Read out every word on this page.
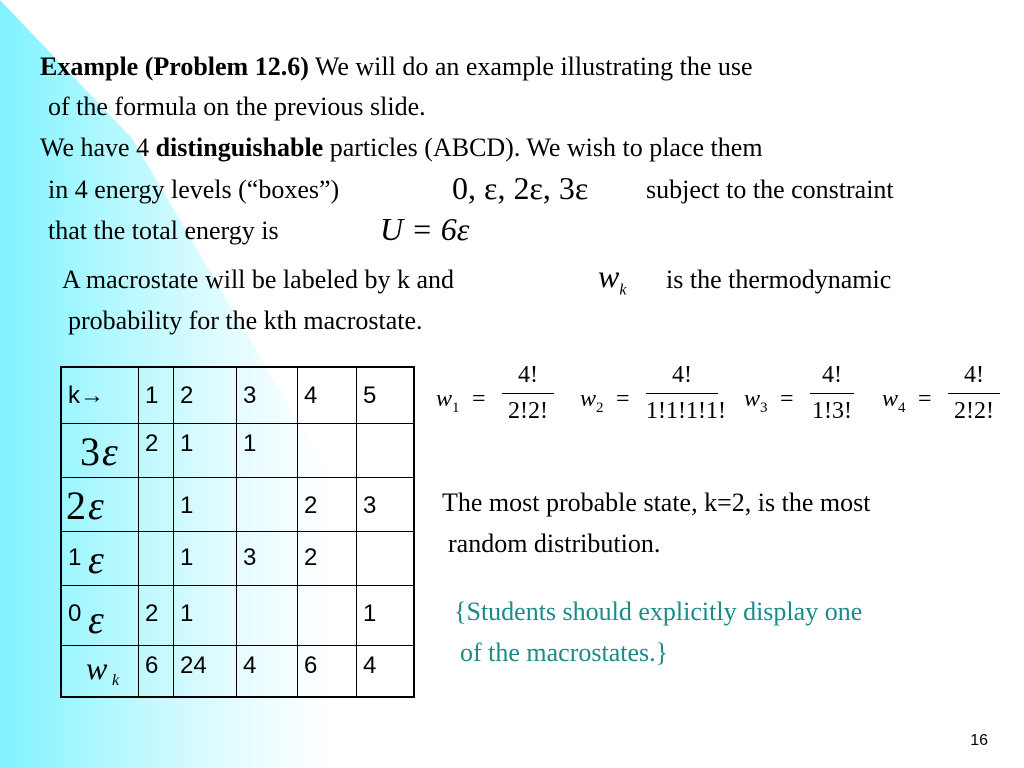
Example (Problem 12.6) We will do an example illustrating the use
of the formula on the previous slide.
We have 4 distinguishable particles (ABCD). We wish to place them
in 4 energy levels (“boxes”)	0, ε, 2ε, 3ε subject to the constraint
that the total energy is	U = 6ε
A macrostate will be labeled by k and	$w_k$ is the thermodynamic
probability for the kth macrostate.
k→	1	2	3	4	5

3 ε	2	1	1		

2 ε		1		2	3

1 ε		1	3	2	

0 ε	2	1			1

w k	6	24	4	6	4
$w_1 = \frac{4!}{2!2!} w_2 = \frac{4!}{1!1!1!1!} w_3 = \frac{4!}{1!3!} w_4 = \frac{4!}{2!2!}$
The most probable state, k=2, is the most
random distribution.
{Students should explicitly display one
of the macrostates.}
16
